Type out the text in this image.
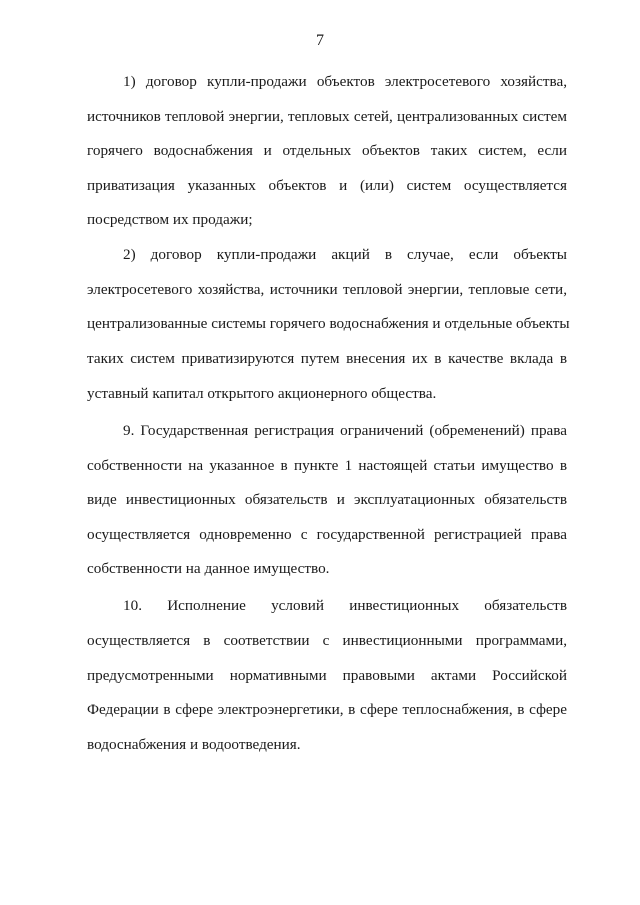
7
1) договор купли-продажи объектов электросетевого хозяйства,
источников тепловой энергии, тепловых сетей, централизованных систем
горячего водоснабжения и отдельных объектов таких систем, если
приватизация указанных объектов и (или) систем осуществляется
посредством их продажи;
2) договор купли-продажи акций в случае, если объекты
электросетевого хозяйства, источники тепловой энергии, тепловые сети,
централизованные системы горячего водоснабжения и отдельные объекты
таких систем приватизируются путем внесения их в качестве вклада в
уставный капитал открытого акционерного общества.
9. Государственная регистрация ограничений (обременений) права
собственности на указанное в пункте 1 настоящей статьи имущество в
виде инвестиционных обязательств и эксплуатационных обязательств
осуществляется одновременно с государственной регистрацией права
собственности на данное имущество.
10. Исполнение условий инвестиционных обязательств
осуществляется в соответствии с инвестиционными программами,
предусмотренными нормативными правовыми актами Российской
Федерации в сфере электроэнергетики, в сфере теплоснабжения, в сфере
водоснабжения и водоотведения.
